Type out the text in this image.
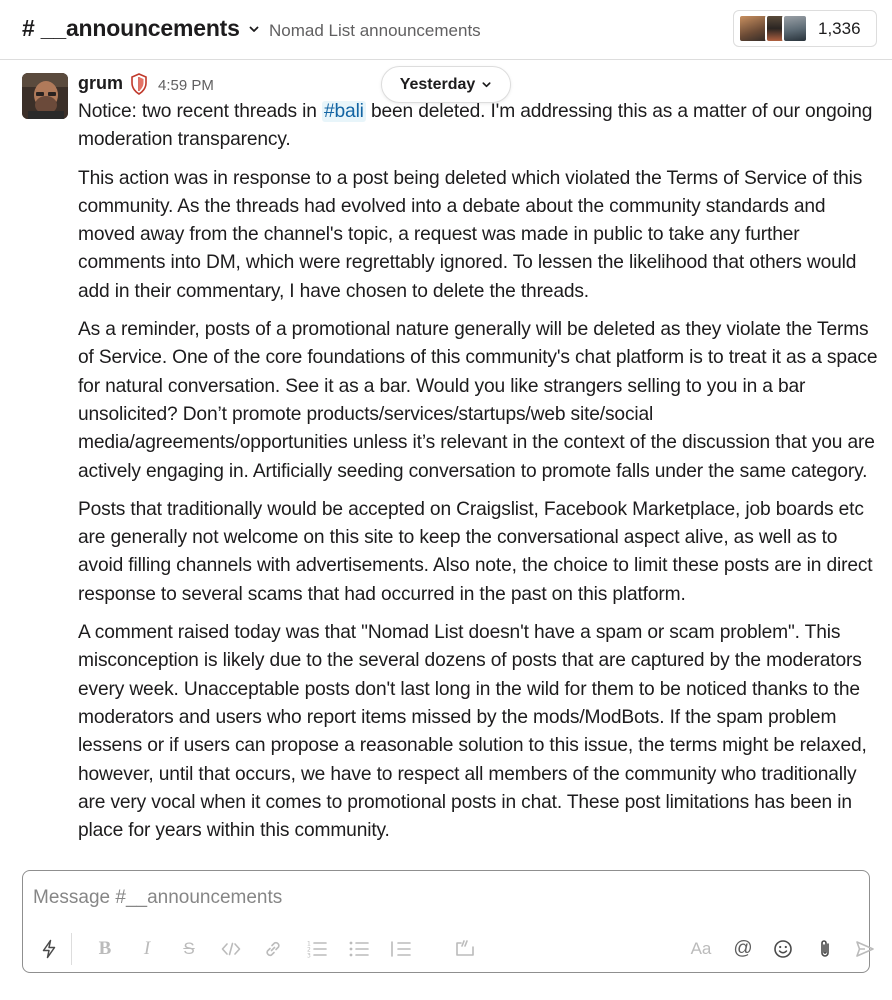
# __announcements Nomad List announcements	1,336
grum 4:59 PM	Yesterday

Notice: two recent threads in #bali been deleted. I'm addressing this as a matter of our ongoing moderation transparency.

This action was in response to a post being deleted which violated the Terms of Service of this community. As the threads had evolved into a debate about the community standards and moved away from the channel's topic, a request was made in public to take any further comments into DM, which were regrettably ignored. To lessen the likelihood that others would add in their commentary, I have chosen to delete the threads.

As a reminder, posts of a promotional nature generally will be deleted as they violate the Terms of Service. One of the core foundations of this community's chat platform is to treat it as a space for natural conversation. See it as a bar. Would you like strangers selling to you in a bar unsolicited? Don’t promote products/services/startups/web site/social media/agreements/opportunities unless it’s relevant in the context of the discussion that you are actively engaging in. Artificially seeding conversation to promote falls under the same category.

Posts that traditionally would be accepted on Craigslist, Facebook Marketplace, job boards etc are generally not welcome on this site to keep the conversational aspect alive, as well as to avoid filling channels with advertisements. Also note, the choice to limit these posts are in direct response to several scams that had occurred in the past on this platform.

A comment raised today was that "Nomad List doesn't have a spam or scam problem". This misconception is likely due to the several dozens of posts that are captured by the moderators every week. Unacceptable posts don't last long in the wild for them to be noticed thanks to the moderators and users who report items missed by the mods/ModBots. If the spam problem lessens or if users can propose a reasonable solution to this issue, the terms might be relaxed, however, until that occurs, we have to respect all members of the community who traditionally are very vocal when it comes to promotional posts in chat. These post limitations has been in place for years within this community.

Message #__announcements
B	I	S	1
2
3	Aa @
